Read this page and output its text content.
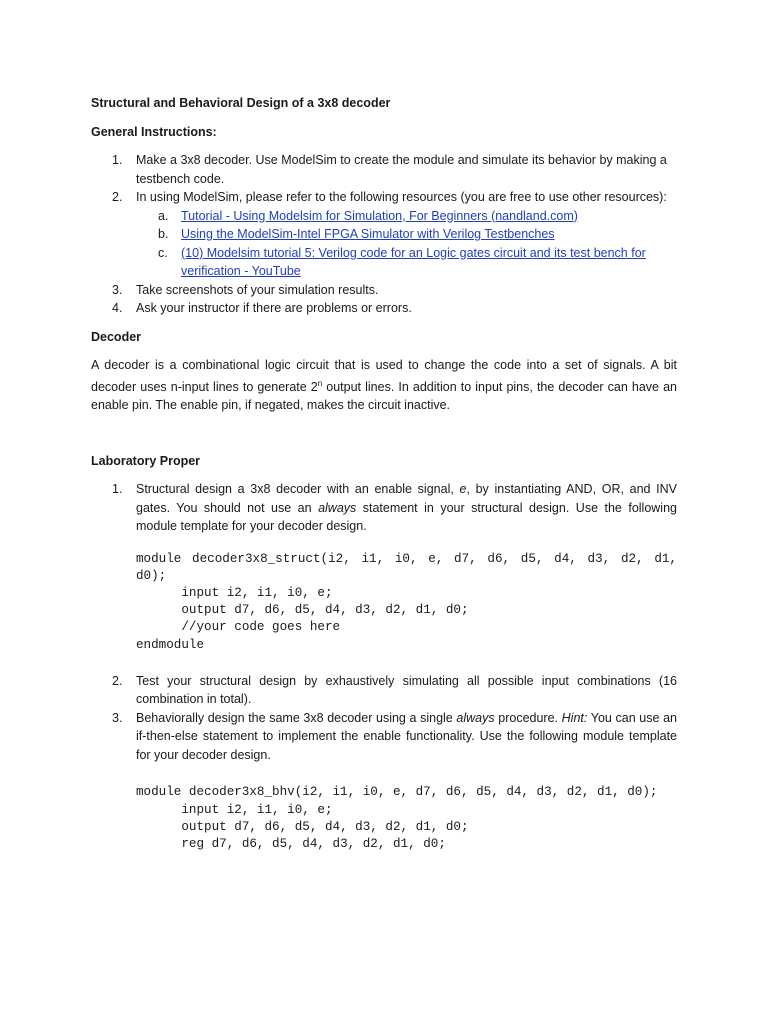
Structural and Behavioral Design of a 3x8 decoder
General Instructions:
1. Make a 3x8 decoder. Use ModelSim to create the module and simulate its behavior by making a testbench code.
2. In using ModelSim, please refer to the following resources (you are free to use other resources):
a. Tutorial - Using Modelsim for Simulation, For Beginners (nandland.com)
b. Using the ModelSim-Intel FPGA Simulator with Verilog Testbenches
c. (10) Modelsim tutorial 5: Verilog code for an Logic gates circuit and its test bench for verification - YouTube
3. Take screenshots of your simulation results.
4. Ask your instructor if there are problems or errors.
Decoder

A decoder is a combinational logic circuit that is used to change the code into a set of signals. A bit decoder uses n-input lines to generate 2$^n$ output lines. In addition to input pins, the decoder can have an enable pin. The enable pin, if negated, makes the circuit inactive.

Laboratory Proper
1. Structural design a 3x8 decoder with an enable signal, e, by instantiating AND, OR, and INV gates. You should not use an always statement in your structural design. Use the following module template for your decoder design.
module decoder3x8_struct(i2, i1, i0, e, d7, d6, d5, d4, d3, d2, d1, d0);
input i2, i1, i0, e;
output d7, d6, d5, d4, d3, d2, d1, d0;
//your code goes here
endmodule
2. Test your structural design by exhaustively simulating all possible input combinations (16 combination in total).
3. Behaviorally design the same 3x8 decoder using a single always procedure. Hint: You can use an if-then-else statement to implement the enable functionality. Use the following module template for your decoder design.
module decoder3x8_bhv(i2, i1, i0, e, d7, d6, d5, d4, d3, d2, d1, d0);
input i2, i1, i0, e;
output d7, d6, d5, d4, d3, d2, d1, d0;
reg d7, d6, d5, d4, d3, d2, d1, d0;
